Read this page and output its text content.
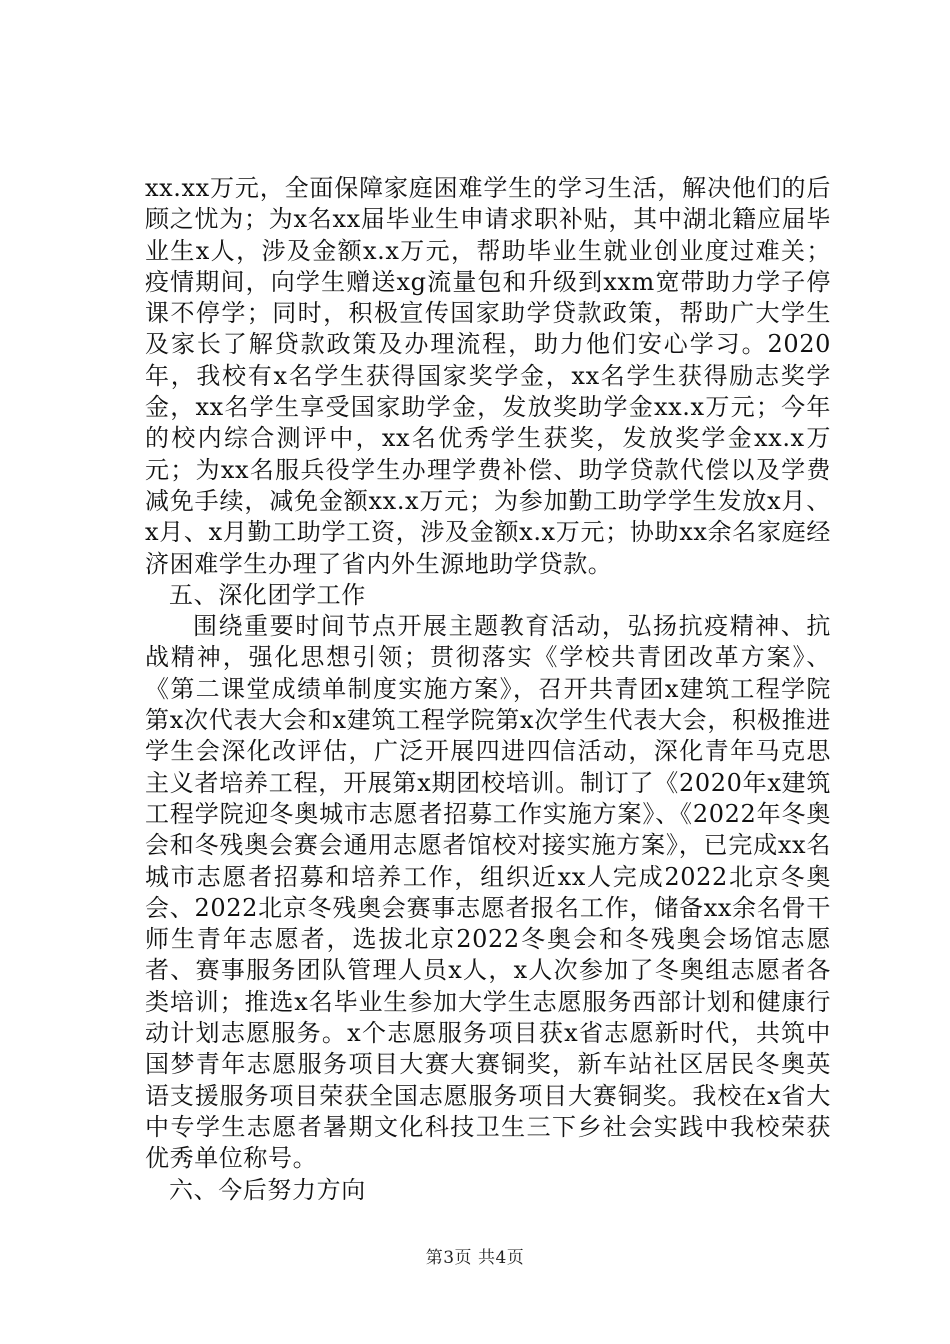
xx.xx万元，全面保障家庭困难学生的学习生活，解决他们的后顾之忧为；为x名xx届毕业生申请求职补贴，其中湖北籍应届毕业生x人，涉及金额x.x万元，帮助毕业生就业创业度过难关；疫情期间，向学生赠送xg流量包和升级到xxm宽带助力学子停课不停学；同时，积极宣传国家助学贷款政策，帮助广大学生及家长了解贷款政策及办理流程，助力他们安心学习。2020年，我校有x名学生获得国家奖学金，xx名学生获得励志奖学金，xx名学生享受国家助学金，发放奖助学金xx.x万元；今年的校内综合测评中，xx名优秀学生获奖，发放奖学金xx.x万元；为xx名服兵役学生办理学费补偿、助学贷款代偿以及学费减免手续，减免金额xx.x万元；为参加勤工助学学生发放x月、x月、x月勤工助学工资，涉及金额x.x万元；协助xx余名家庭经济困难学生办理了省内外生源地助学贷款。

五、深化团学工作

围绕重要时间节点开展主题教育活动，弘扬抗疫精神、抗战精神，强化思想引领；贯彻落实《学校共青团改革方案》、《第二课堂成绩单制度实施方案》，召开共青团x建筑工程学院第x次代表大会和x建筑工程学院第x次学生代表大会，积极推进学生会深化改评估，广泛开展四进四信活动，深化青年马克思主义者培养工程，开展第x期团校培训。制订了《2020年x建筑工程学院迎冬奥城市志愿者招募工作实施方案》、《2022年冬奥会和冬残奥会赛会通用志愿者馆校对接实施方案》，已完成xx名城市志愿者招募和培养工作，组织近xx人完成2022北京冬奥会、2022北京冬残奥会赛事志愿者报名工作，储备xx余名骨干师生青年志愿者，选拔北京2022冬奥会和冬残奥会场馆志愿者、赛事服务团队管理人员x人，x人次参加了冬奥组志愿者各类培训；推选x名毕业生参加大学生志愿服务西部计划和健康行动计划志愿服务。x个志愿服务项目获x省志愿新时代，共筑中国梦青年志愿服务项目大赛大赛铜奖，新车站社区居民冬奥英语支援服务项目荣获全国志愿服务项目大赛铜奖。我校在x省大中专学生志愿者暑期文化科技卫生三下乡社会实践中我校荣获优秀单位称号。

六、今后努力方向

第3页 共4页
